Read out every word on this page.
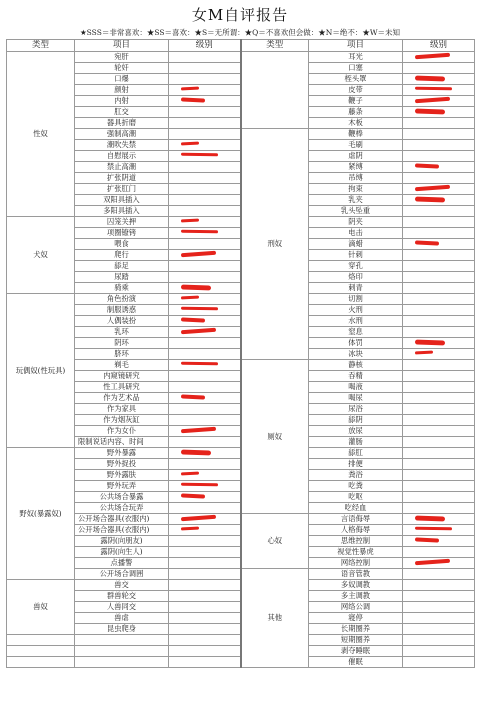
女M自评报告
★SSS＝非常喜欢：★SS＝喜欢：★S＝无所谓：★Q＝不喜欢但会做：★N＝绝不：★W＝未知
类型	项目	级别	类型	项目	级别
性奴	宛肝			耳光	

	轮奸			口塞	
	口爆			桎头罩	

	颜射			皮带	

	内射			鞭子	

	肛交			藤条	

	器具折磨			木板	
	强制高潮		刑奴	鞭棒	
	潮吹失禁			毛刷	
	自慰展示			虐阴	
	禁止高潮			紧缚	

	扩张阴道			吊缚	
	扩张肛门			拘束	

	双阳具插入			乳夹	

	多阳具插入			乳头坠重	
犬奴	囚笼关押			阴夹	
	项圈镣铐			电击	
	喂食			滴蜡	

	爬行			针刺	
	舔足			穿孔	
	尿踏			烙印	
	骑乘			刺青	
玩偶奴(性玩具)	角色扮演			切割	
	制服诱惑			火刑	
	人偶装扮			水刑	
	乳环			窒息	
	阴环			体罚	

	脐环			冰块	

	剃毛		厕奴	静核	
	内窥镜研究			吞精	
	性工具研究			喝液	
	作为艺术品			喝尿	
	作为家具			尿浴	
	作为烟灰缸			舔阴	
	作为女仆			放尿	
	限制说话内容、时间			灌肠	
野奴(暴露奴)	野外暴露			舔肛	
	野外捉投			排便	
	野外露肤			粪浴	
	野外玩弄			吃粪	
	公共场合暴露			吃呕	
	公共场合玩弄			吃经血	
	公开场合器具(衣服内)		心奴	言语侮辱	

	公开场合器具(衣服内)			人格侮辱	

	露阴(向朋友)			思维控制	

	露阴(向生人)			视觉性暴虎	
	点播警			网络控制	

	公开场合调囲		其他	语音管教	
兽奴	兽交			多奴调教	
	群兽轮交			多主调教	
	人兽同交			网络公调	
	兽虐			寝停	
	昆虫爬身			长期圈养	
				短期圈养	
				剥夺睡眠	
				催眠	
